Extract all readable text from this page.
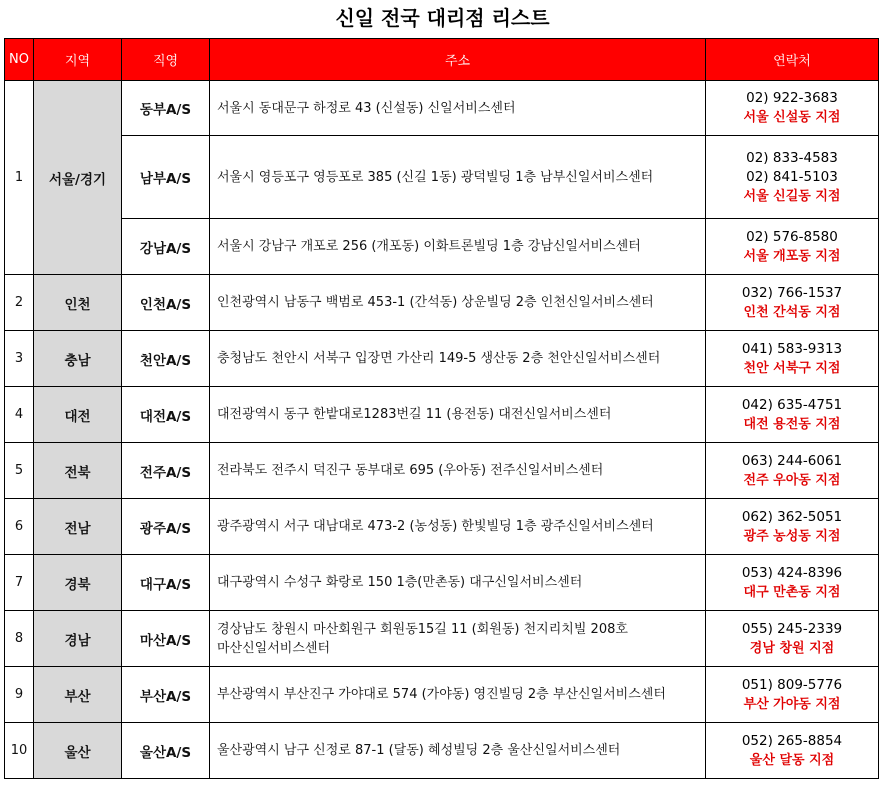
신일 전국 대리점 리스트
NO	지역	직영	주소	연락처
1	서울/경기	동부A/S	서울시 동대문구 하정로 43 (신설동) 신일서비스센터	02) 922-3683
서울 신설동 지점

		남부A/S	서울시 영등포구 영등포로 385 (신길 1동) 광덕빌딩 1층 남부신일서비스센터	02) 833-4583
02) 841-5103
서울 신길동 지점

		강남A/S	서울시 강남구 개포로 256 (개포동) 이화트론빌딩 1층 강남신일서비스센터	02) 576-8580
서울 개포동 지점

2	인천	인천A/S	인천광역시 남동구 백범로 453-1 (간석동) 상운빌딩 2층 인천신일서비스센터	032) 766-1537
인천 간석동 지점

3	충남	천안A/S	충청남도 천안시 서북구 입장면 가산리 149-5 생산동 2층 천안신일서비스센터	041) 583-9313
천안 서북구 지점

4	대전	대전A/S	대전광역시 동구 한밭대로1283번길 11 (용전동) 대전신일서비스센터	042) 635-4751
대전 용전동 지점

5	전북	전주A/S	전라북도 전주시 덕진구 동부대로 695 (우아동) 전주신일서비스센터	063) 244-6061
전주 우아동 지점

6	전남	광주A/S	광주광역시 서구 대남대로 473-2 (농성동) 한빛빌딩 1층 광주신일서비스센터	062) 362-5051
광주 농성동 지점

7	경북	대구A/S	대구광역시 수성구 화랑로 150 1층(만촌동) 대구신일서비스센터	053) 424-8396
대구 만촌동 지점

8	경남	마산A/S	경상남도 창원시 마산회원구 회원동15길 11 (회원동) 천지리치빌 208호
마산신일서비스센터	055) 245-2339
경남 창원 지점

9	부산	부산A/S	부산광역시 부산진구 가야대로 574 (가야동) 영진빌딩 2층 부산신일서비스센터	051) 809-5776
부산 가야동 지점

10	울산	울산A/S	울산광역시 남구 신정로 87-1 (달동) 혜성빌딩 2층 울산신일서비스센터	052) 265-8854
울산 달동 지점
